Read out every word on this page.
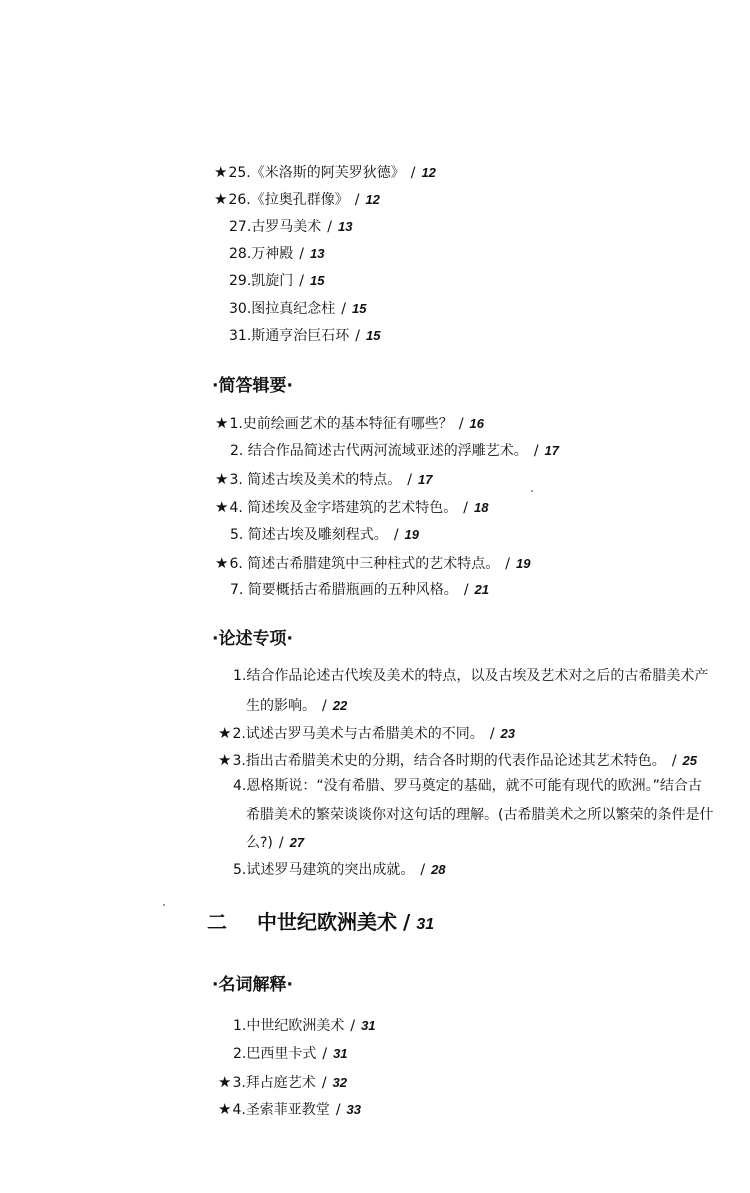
★25.《米洛斯的阿芙罗狄德》 / 12
★26.《拉奥孔群像》 / 12
27.古罗马美术 / 13
28.万神殿 / 13
29.凯旋门 / 15
30.图拉真纪念柱 / 15
31.斯通亨治巨石环 / 15
·简答辑要·
★1.史前绘画艺术的基本特征有哪些？ / 16
2. 结合作品简述古代两河流域亚述的浮雕艺术。 / 17
★3. 简述古埃及美术的特点。 / 17
★4. 简述埃及金字塔建筑的艺术特色。 / 18
5. 简述古埃及雕刻程式。 / 19
★6. 简述古希腊建筑中三种柱式的艺术特点。 / 19
7. 简要概括古希腊瓶画的五种风格。 / 21
·论述专项·
1.结合作品论述古代埃及美术的特点，以及古埃及艺术对之后的古希腊美术产
生的影响。 / 22
★2.试述古罗马美术与古希腊美术的不同。 / 23
★3.指出古希腊美术史的分期，结合各时期的代表作品论述其艺术特色。 / 25
4.恩格斯说：“没有希腊、罗马奠定的基础，就不可能有现代的欧洲。”结合古
希腊美术的繁荣谈谈你对这句话的理解。(古希腊美术之所以繁荣的条件是什
么?) / 27
5.试述罗马建筑的突出成就。 / 28
二 中世纪欧洲美术 / 31
·名词解释·
1.中世纪欧洲美术 / 31
2.巴西里卡式 / 31
★3.拜占庭艺术 / 32
★4.圣索菲亚教堂 / 33
